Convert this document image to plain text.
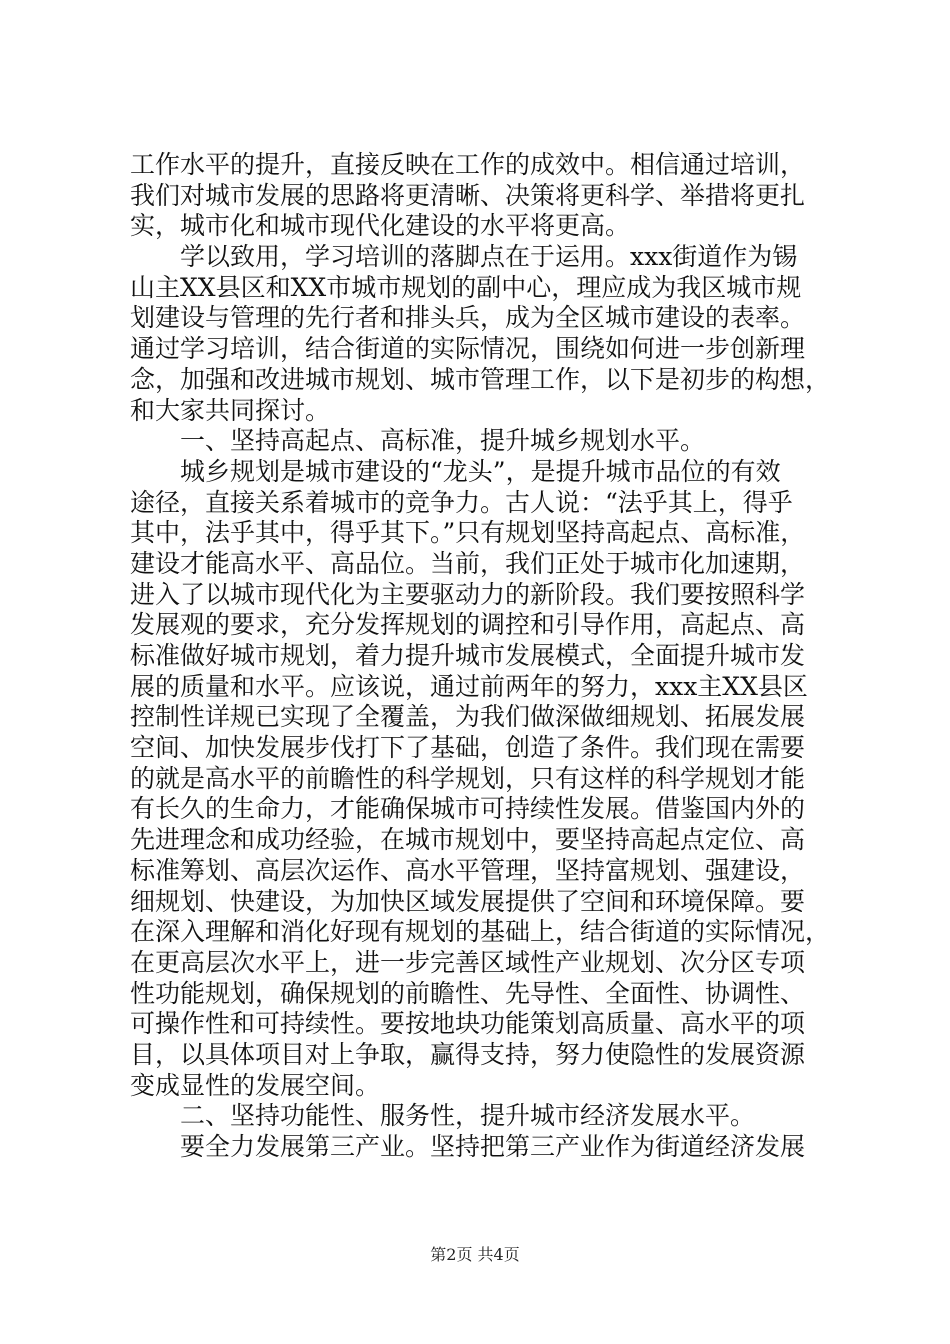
工作水平的提升，直接反映在工作的成效中。相信通过培训，
我们对城市发展的思路将更清晰、决策将更科学、举措将更扎
实，城市化和城市现代化建设的水平将更高。
　　学以致用，学习培训的落脚点在于运用。xxx街道作为锡
山主XX县区和XX市城市规划的副中心，理应成为我区城市规
划建设与管理的先行者和排头兵，成为全区城市建设的表率。
通过学习培训，结合街道的实际情况，围绕如何进一步创新理
念，加强和改进城市规划、城市管理工作，以下是初步的构想，
和大家共同探讨。
　　一、坚持高起点、高标准，提升城乡规划水平。
　　城乡规划是城市建设的“龙头”，是提升城市品位的有效
途径，直接关系着城市的竞争力。古人说：“法乎其上，得乎
其中，法乎其中，得乎其下。”只有规划坚持高起点、高标准，
建设才能高水平、高品位。当前，我们正处于城市化加速期，
进入了以城市现代化为主要驱动力的新阶段。我们要按照科学
发展观的要求，充分发挥规划的调控和引导作用，高起点、高
标准做好城市规划，着力提升城市发展模式，全面提升城市发
展的质量和水平。应该说，通过前两年的努力，xxx主XX县区
控制性详规已实现了全覆盖，为我们做深做细规划、拓展发展
空间、加快发展步伐打下了基础，创造了条件。我们现在需要
的就是高水平的前瞻性的科学规划，只有这样的科学规划才能
有长久的生命力，才能确保城市可持续性发展。借鉴国内外的
先进理念和成功经验，在城市规划中，要坚持高起点定位、高
标准筹划、高层次运作、高水平管理，坚持富规划、强建设，
细规划、快建设，为加快区域发展提供了空间和环境保障。要
在深入理解和消化好现有规划的基础上，结合街道的实际情况，
在更高层次水平上，进一步完善区域性产业规划、次分区专项
性功能规划，确保规划的前瞻性、先导性、全面性、协调性、
可操作性和可持续性。要按地块功能策划高质量、高水平的项
目，以具体项目对上争取，赢得支持，努力使隐性的发展资源
变成显性的发展空间。
　　二、坚持功能性、服务性，提升城市经济发展水平。
　　要全力发展第三产业。坚持把第三产业作为街道经济发展
第2页 共4页
